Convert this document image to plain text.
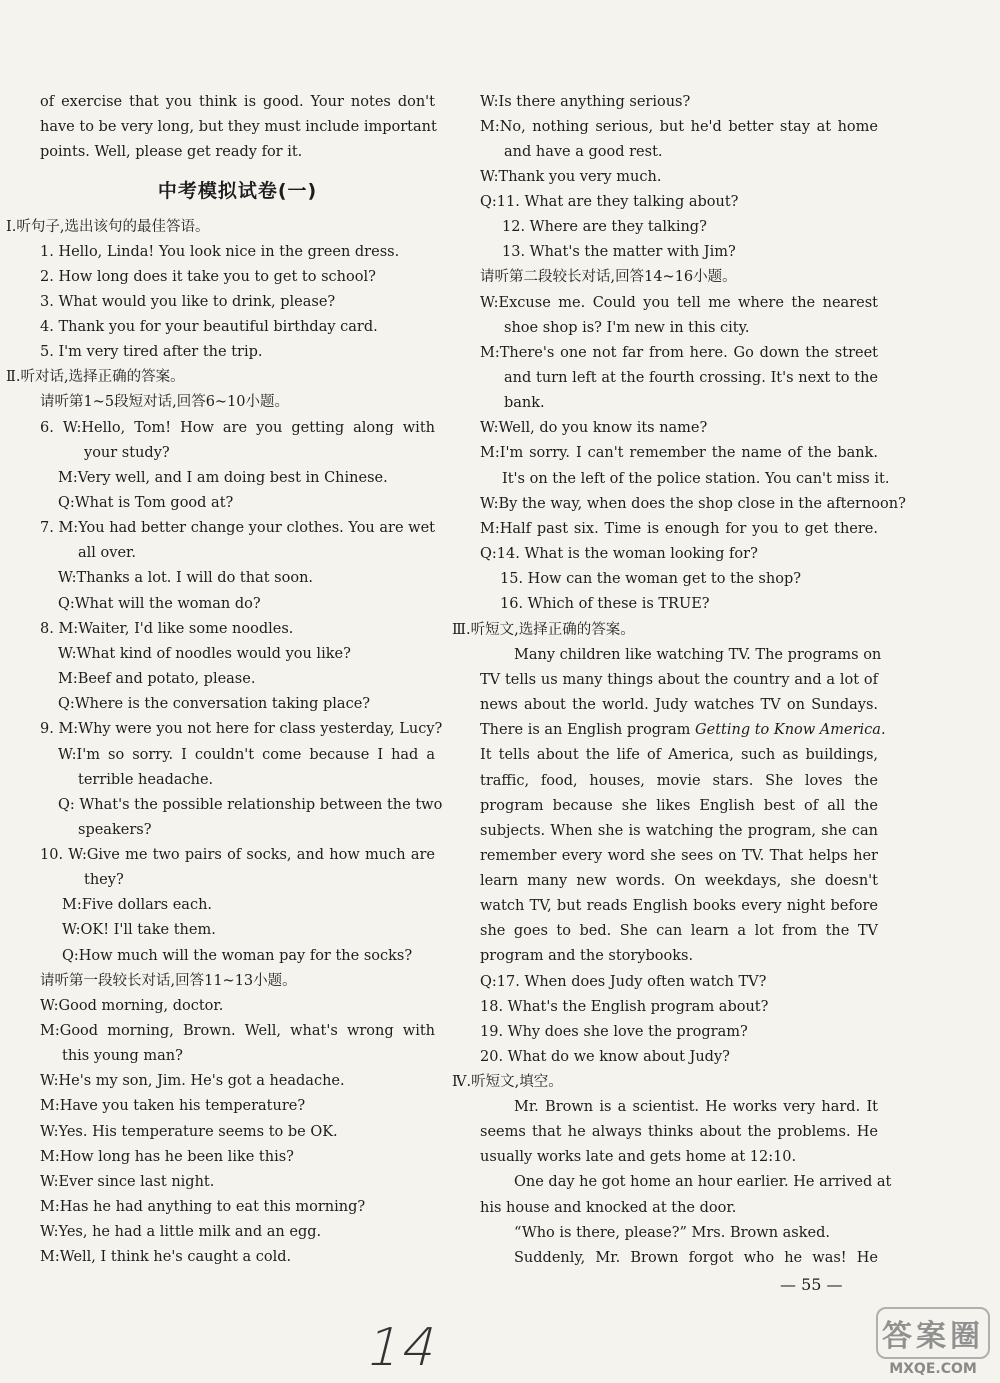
of exercise that you think is good. Your notes don't
have to be very long, but they must include important
points. Well, please get ready for it.
Ⅰ.听句子,选出该句的最佳答语。
1. Hello, Linda! You look nice in the green dress.
2. How long does it take you to get to school?
3. What would you like to drink, please?
4. Thank you for your beautiful birthday card.
5. I'm very tired after the trip.
Ⅱ.听对话,选择正确的答案。
请听第1~5段短对话,回答6~10小题。
6. W:Hello, Tom! How are you getting along with
your study?
M:Very well, and I am doing best in Chinese.
Q:What is Tom good at?
7. M:You had better change your clothes. You are wet
all over.
W:Thanks a lot. I will do that soon.
Q:What will the woman do?
8. M:Waiter, I'd like some noodles.
W:What kind of noodles would you like?
M:Beef and potato, please.
Q:Where is the conversation taking place?
9. M:Why were you not here for class yesterday, Lucy?
W:I'm so sorry. I couldn't come because I had a
terrible headache.
Q: What's the possible relationship between the two
speakers?
10. W:Give me two pairs of socks, and how much are
they?
M:Five dollars each.
W:OK! I'll take them.
Q:How much will the woman pay for the socks?
请听第一段较长对话,回答11~13小题。
W:Good morning, doctor.
M:Good morning, Brown. Well, what's wrong with
this young man?
W:He's my son, Jim. He's got a headache.
M:Have you taken his temperature?
W:Yes. His temperature seems to be OK.
M:How long has he been like this?
W:Ever since last night.
M:Has he had anything to eat this morning?
W:Yes, he had a little milk and an egg.
M:Well, I think he's caught a cold.
W:Is there anything serious?
M:No, nothing serious, but he'd better stay at home
and have a good rest.
W:Thank you very much.
Q:11. What are they talking about?
12. Where are they talking?
13. What's the matter with Jim?
请听第二段较长对话,回答14~16小题。
W:Excuse me. Could you tell me where the nearest
shoe shop is? I'm new in this city.
M:There's one not far from here. Go down the street
and turn left at the fourth crossing. It's next to the
bank.
W:Well, do you know its name?
M:I'm sorry. I can't remember the name of the bank.
It's on the left of the police station. You can't miss it.
W:By the way, when does the shop close in the afternoon?
M:Half past six. Time is enough for you to get there.
Q:14. What is the woman looking for?
15. How can the woman get to the shop?
16. Which of these is TRUE?
Ⅲ.听短文,选择正确的答案。
Many children like watching TV. The programs on
TV tells us many things about the country and a lot of
news about the world. Judy watches TV on Sundays.
There is an English program Getting to Know America.
It tells about the life of America, such as buildings,
traffic, food, houses, movie stars. She loves the
program because she likes English best of all the
subjects. When she is watching the program, she can
remember every word she sees on TV. That helps her
learn many new words. On weekdays, she doesn't
watch TV, but reads English books every night before
she goes to bed. She can learn a lot from the TV
program and the storybooks.
Q:17. When does Judy often watch TV?
18. What's the English program about?
19. Why does she love the program?
20. What do we know about Judy?
Ⅳ.听短文,填空。
Mr. Brown is a scientist. He works very hard. It
seems that he always thinks about the problems. He
usually works late and gets home at 12:10.
One day he got home an hour earlier. He arrived at
his house and knocked at the door.
“Who is there, please?” Mrs. Brown asked.
Suddenly, Mr. Brown forgot who he was! He
中考模拟试卷(一)
— 55 —
14	答案圈
MXQE.COM
